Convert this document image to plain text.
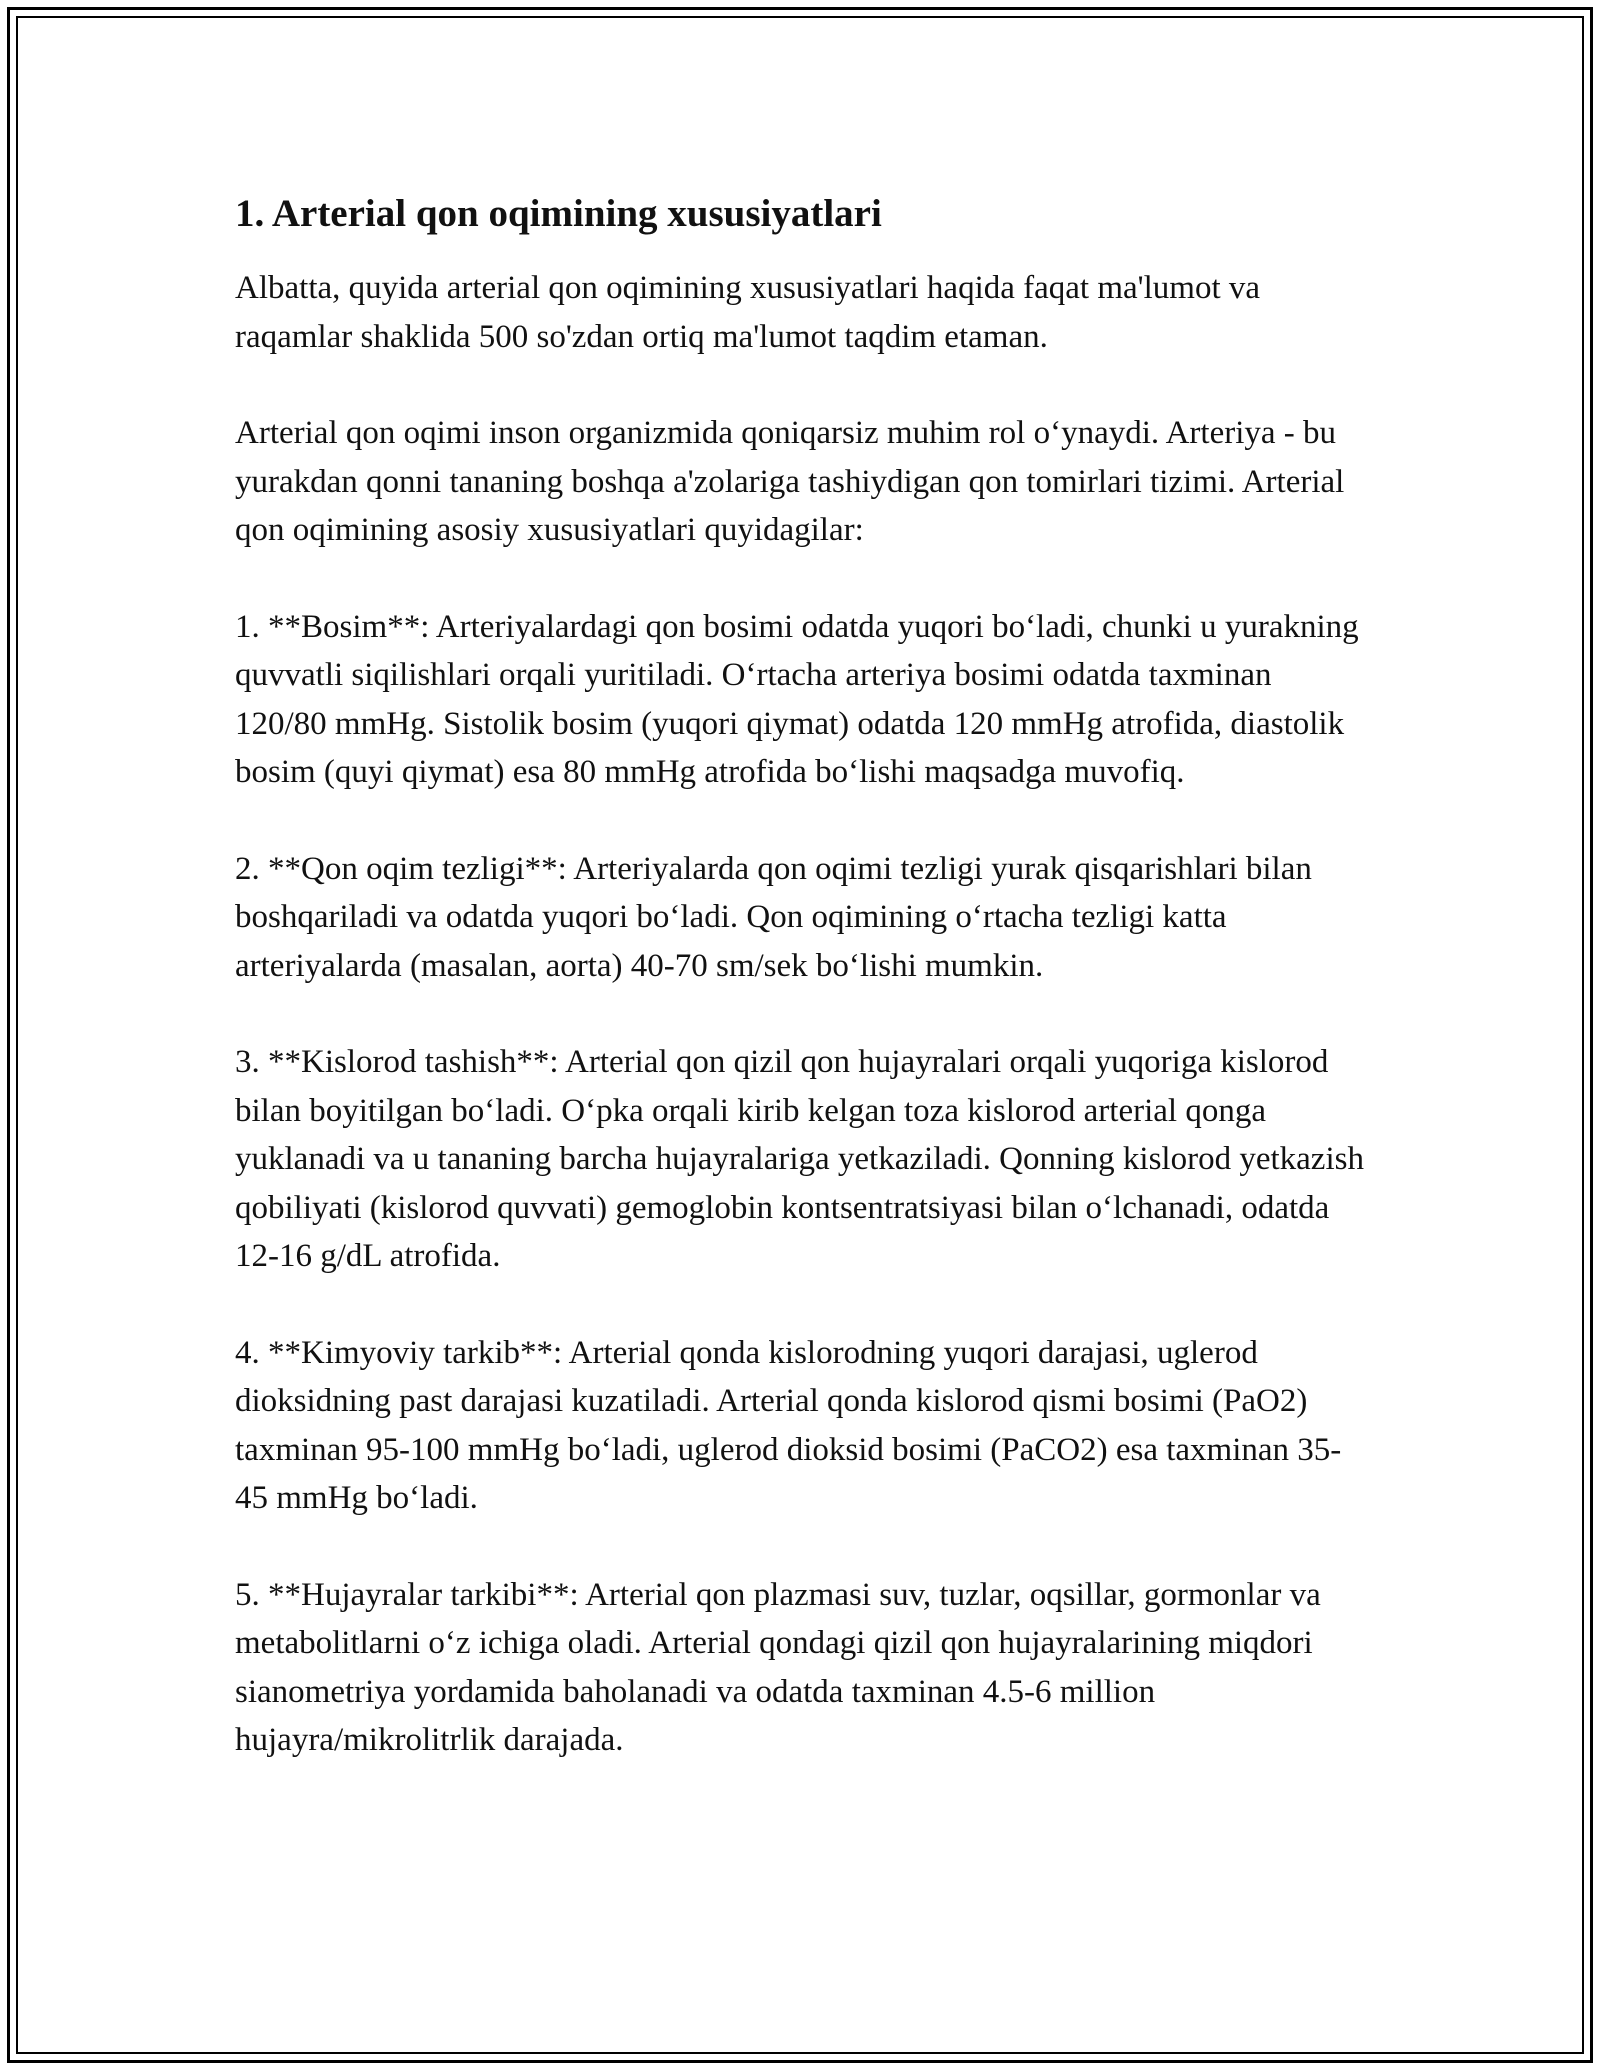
1. Arterial qon oqimining xususiyatlari

Albatta, quyida arterial qon oqimining xususiyatlari haqida faqat ma'lumot va raqamlar shaklida 500 so'zdan ortiq ma'lumot taqdim etaman.

Arterial qon oqimi inson organizmida qoniqarsiz muhim rol o‘ynaydi. Arteriya - bu yurakdan qonni tananing boshqa a'zolariga tashiydigan qon tomirlari tizimi. Arterial qon oqimining asosiy xususiyatlari quyidagilar:

1. **Bosim**: Arteriyalardagi qon bosimi odatda yuqori bo‘ladi, chunki u yurakning quvvatli siqilishlari orqali yuritiladi. O‘rtacha arteriya bosimi odatda taxminan 120/80 mmHg. Sistolik bosim (yuqori qiymat) odatda 120 mmHg atrofida, diastolik bosim (quyi qiymat) esa 80 mmHg atrofida bo‘lishi maqsadga muvofiq.

2. **Qon oqim tezligi**: Arteriyalarda qon oqimi tezligi yurak qisqarishlari bilan boshqariladi va odatda yuqori bo‘ladi. Qon oqimining o‘rtacha tezligi katta arteriyalarda (masalan, aorta) 40-70 sm/sek bo‘lishi mumkin.

3. **Kislorod tashish**: Arterial qon qizil qon hujayralari orqali yuqoriga kislorod bilan boyitilgan bo‘ladi. O‘pka orqali kirib kelgan toza kislorod arterial qonga yuklanadi va u tananing barcha hujayralariga yetkaziladi. Qonning kislorod yetkazish qobiliyati (kislorod quvvati) gemoglobin kontsentratsiyasi bilan o‘lchanadi, odatda 12-16 g/dL atrofida.

4. **Kimyoviy tarkib**: Arterial qonda kislorodning yuqori darajasi, uglerod dioksidning past darajasi kuzatiladi. Arterial qonda kislorod qismi bosimi (PaO2) taxminan 95-100 mmHg bo‘ladi, uglerod dioksid bosimi (PaCO2) esa taxminan 35-45 mmHg bo‘ladi.

5. **Hujayralar tarkibi**: Arterial qon plazmasi suv, tuzlar, oqsillar, gormonlar va metabolitlarni o‘z ichiga oladi. Arterial qondagi qizil qon hujayralarining miqdori sianometriya yordamida baholanadi va odatda taxminan 4.5-6 million hujayra/mikrolitrlik darajada.
